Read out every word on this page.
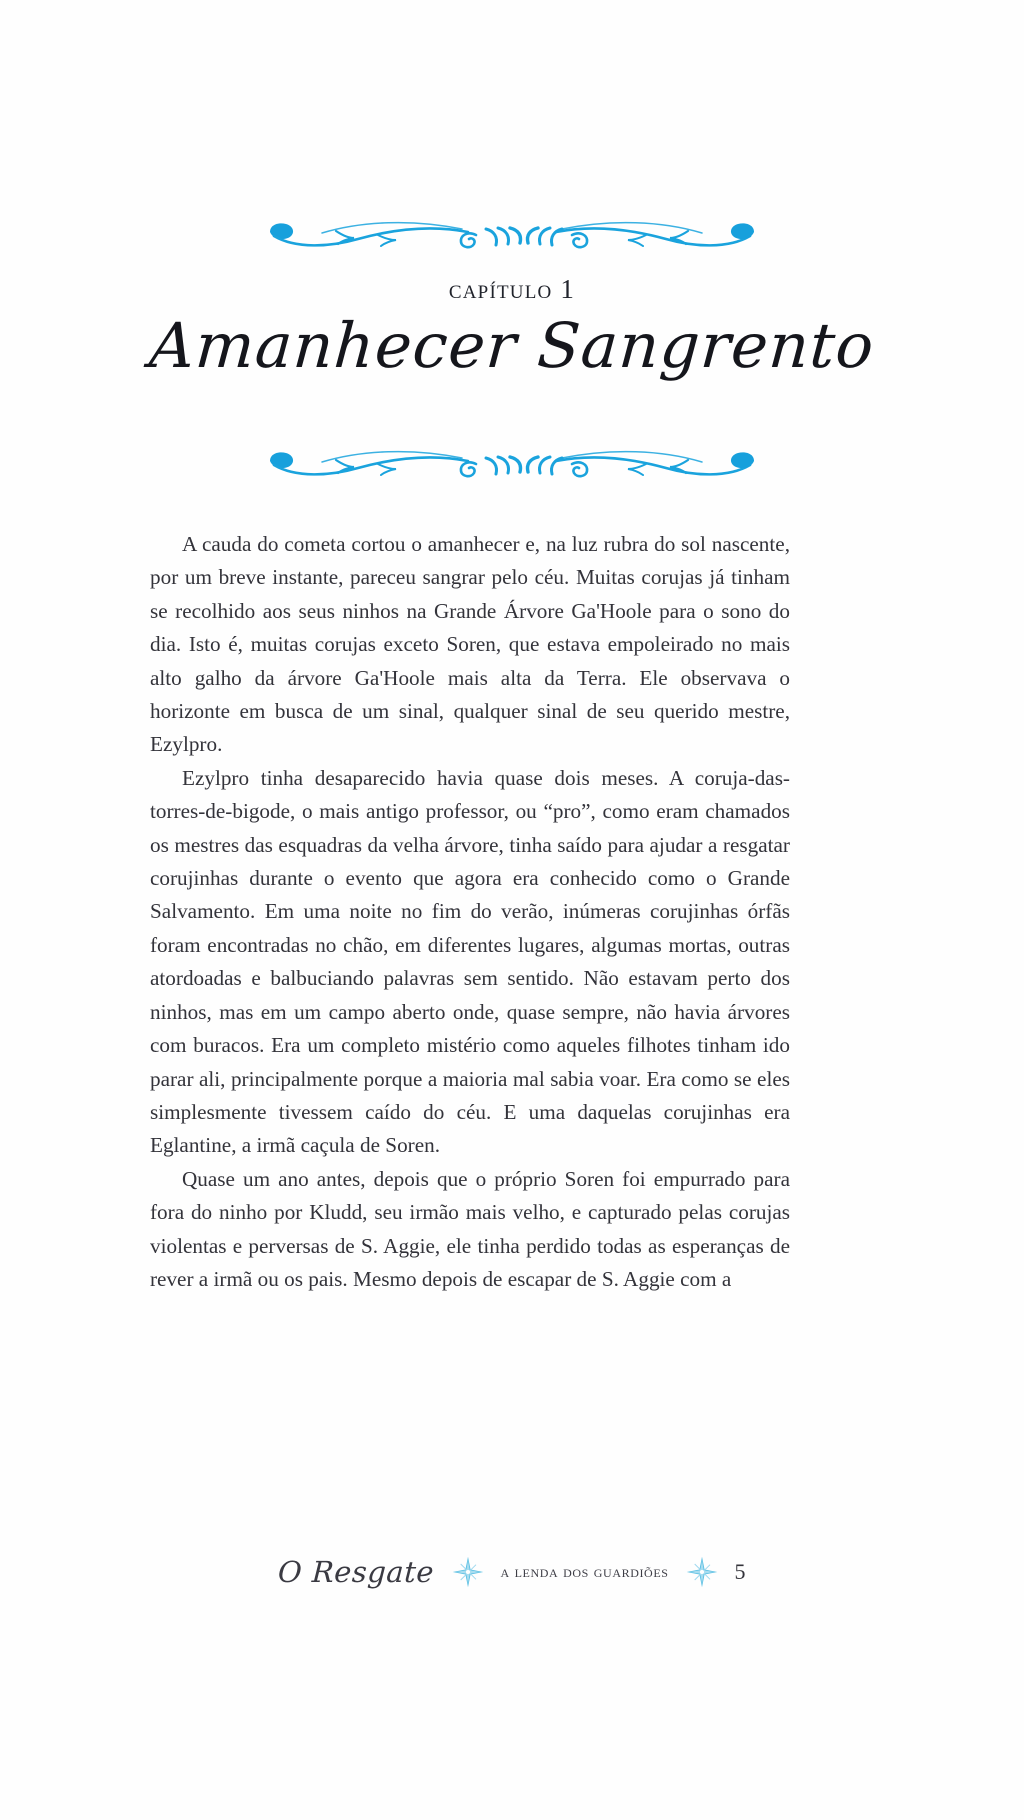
capítulo 1
Amanhecer Sangrento

A cauda do cometa cortou o amanhecer e, na luz rubra do sol nascente, por um breve instante, pareceu sangrar pelo céu. Muitas corujas já tinham se recolhido aos seus ninhos na Grande Árvore Ga'Hoole para o sono do dia. Isto é, muitas corujas exceto Soren, que estava empoleirado no mais alto galho da árvore Ga'Hoole mais alta da Terra. Ele observava o horizonte em busca de um sinal, qualquer sinal de seu querido mestre, Ezylpro.

Ezylpro tinha desaparecido havia quase dois meses. A coruja-das-torres-de-bigode, o mais antigo professor, ou “pro”, como eram chamados os mestres das esquadras da velha árvore, tinha saído para ajudar a resgatar corujinhas durante o evento que agora era conhecido como o Grande Salvamento. Em uma noite no fim do verão, inúmeras corujinhas órfãs foram encontradas no chão, em diferentes lugares, algumas mortas, outras atordoadas e balbuciando palavras sem sentido. Não estavam perto dos ninhos, mas em um campo aberto onde, quase sempre, não havia árvores com buracos. Era um completo mistério como aqueles filhotes tinham ido parar ali, principalmente porque a maioria mal sabia voar. Era como se eles simplesmente tivessem caído do céu. E uma daquelas corujinhas era Eglantine, a irmã caçula de Soren.

Quase um ano antes, depois que o próprio Soren foi empurrado para fora do ninho por Kludd, seu irmão mais velho, e capturado pelas corujas violentas e perversas de S. Aggie, ele tinha perdido todas as esperanças de rever a irmã ou os pais. Mesmo depois de escapar de S. Aggie com a

O Resgate	a lenda dos guardiões	5
